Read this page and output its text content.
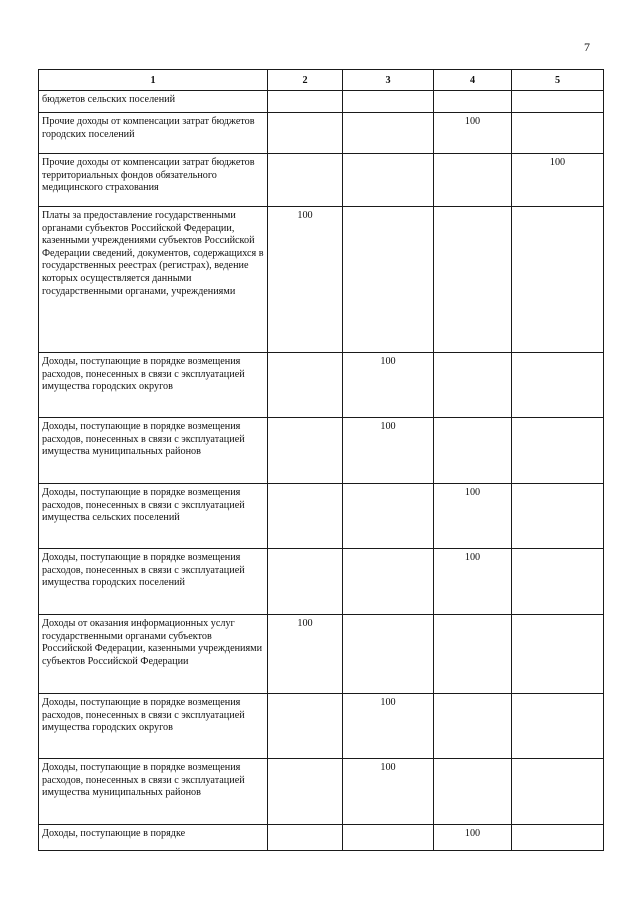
7
1	2	3	4	5
бюджетов сельских поселений				
Прочие доходы от компенсации затрат бюджетов городских поселений			100	
Прочие доходы от компенсации затрат бюджетов территориальных фондов обязательного медицинского страхования				100
Платы за предоставление государственными органами субъектов Российской Федерации, казенными учреждениями субъектов Российской Федерации сведений, документов, содержащихся в государственных реестрах (регистрах), ведение которых осуществляется данными государственными органами, учреждениями	100			
Доходы, поступающие в порядке возмещения расходов, понесенных в связи с эксплуатацией имущества городских округов		100		
Доходы, поступающие в порядке возмещения расходов, понесенных в связи с эксплуатацией имущества муниципальных районов		100		
Доходы, поступающие в порядке возмещения расходов, понесенных в связи с эксплуатацией имущества сельских поселений			100	
Доходы, поступающие в порядке возмещения расходов, понесенных в связи с эксплуатацией имущества городских поселений			100	
Доходы от оказания информационных услуг государственными органами субъектов Российской Федерации, казенными учреждениями субъектов Российской Федерации	100			
Доходы, поступающие в порядке возмещения расходов, понесенных в связи с эксплуатацией имущества городских округов		100		
Доходы, поступающие в порядке возмещения расходов, понесенных в связи с эксплуатацией имущества муниципальных районов		100		
Доходы, поступающие в порядке			100	
